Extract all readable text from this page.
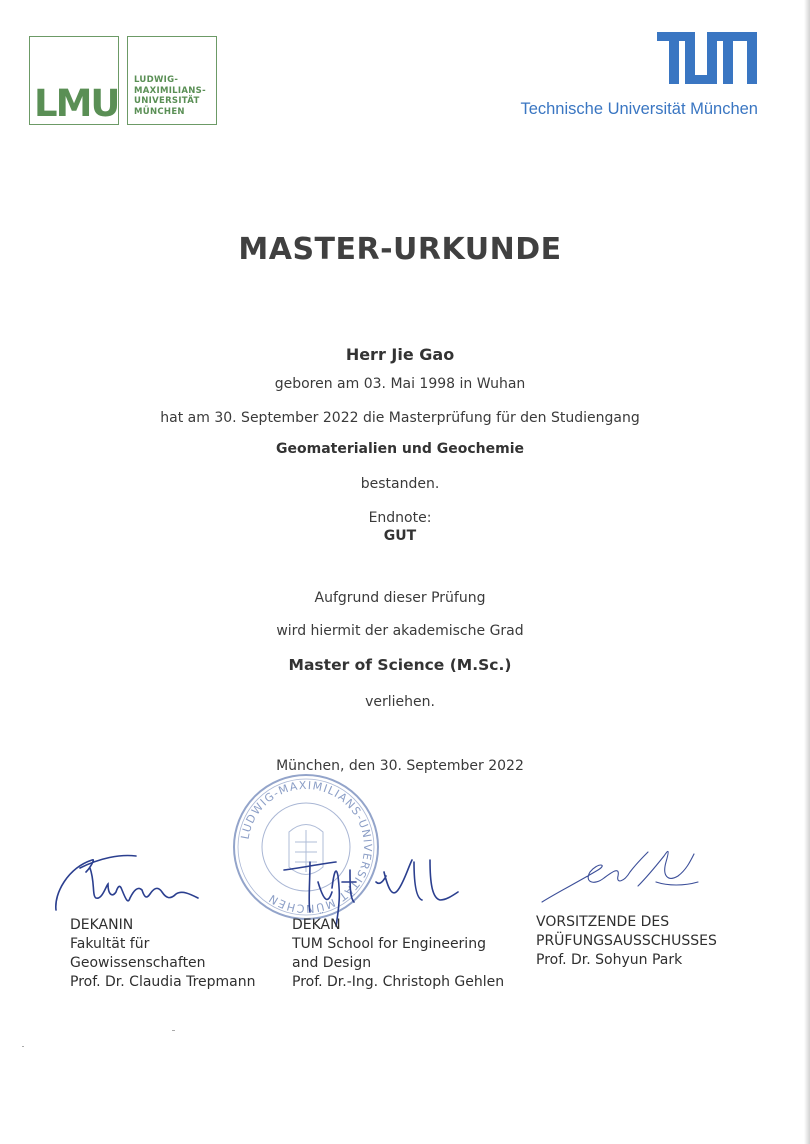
LMU
LUDWIG-
MAXIMILIANS-
UNIVERSITÄT
MÜNCHEN	Technische Universität München
MASTER-URKUNDE
Herr Jie Gao
geboren am 03. Mai 1998 in Wuhan
hat am 30. September 2022 die Masterprüfung für den Studiengang
Geomaterialien und Geochemie
bestanden.
Endnote:
GUT
Aufgrund dieser Prüfung
wird hiermit der akademische Grad
Master of Science (M.Sc.)
verliehen.
München, den 30. September 2022
LUDWIG-MAXIMILIANS-UNIVERSITÄT MÜNCHEN
DEKANIN
Fakultät für
Geowissenschaften
Prof. Dr. Claudia Trepmann
DEKAN
TUM School for Engineering
and Design
Prof. Dr.-Ing. Christoph Gehlen
VORSITZENDE DES
PRÜFUNGSAUSSCHUSSES
Prof. Dr. Sohyun Park
